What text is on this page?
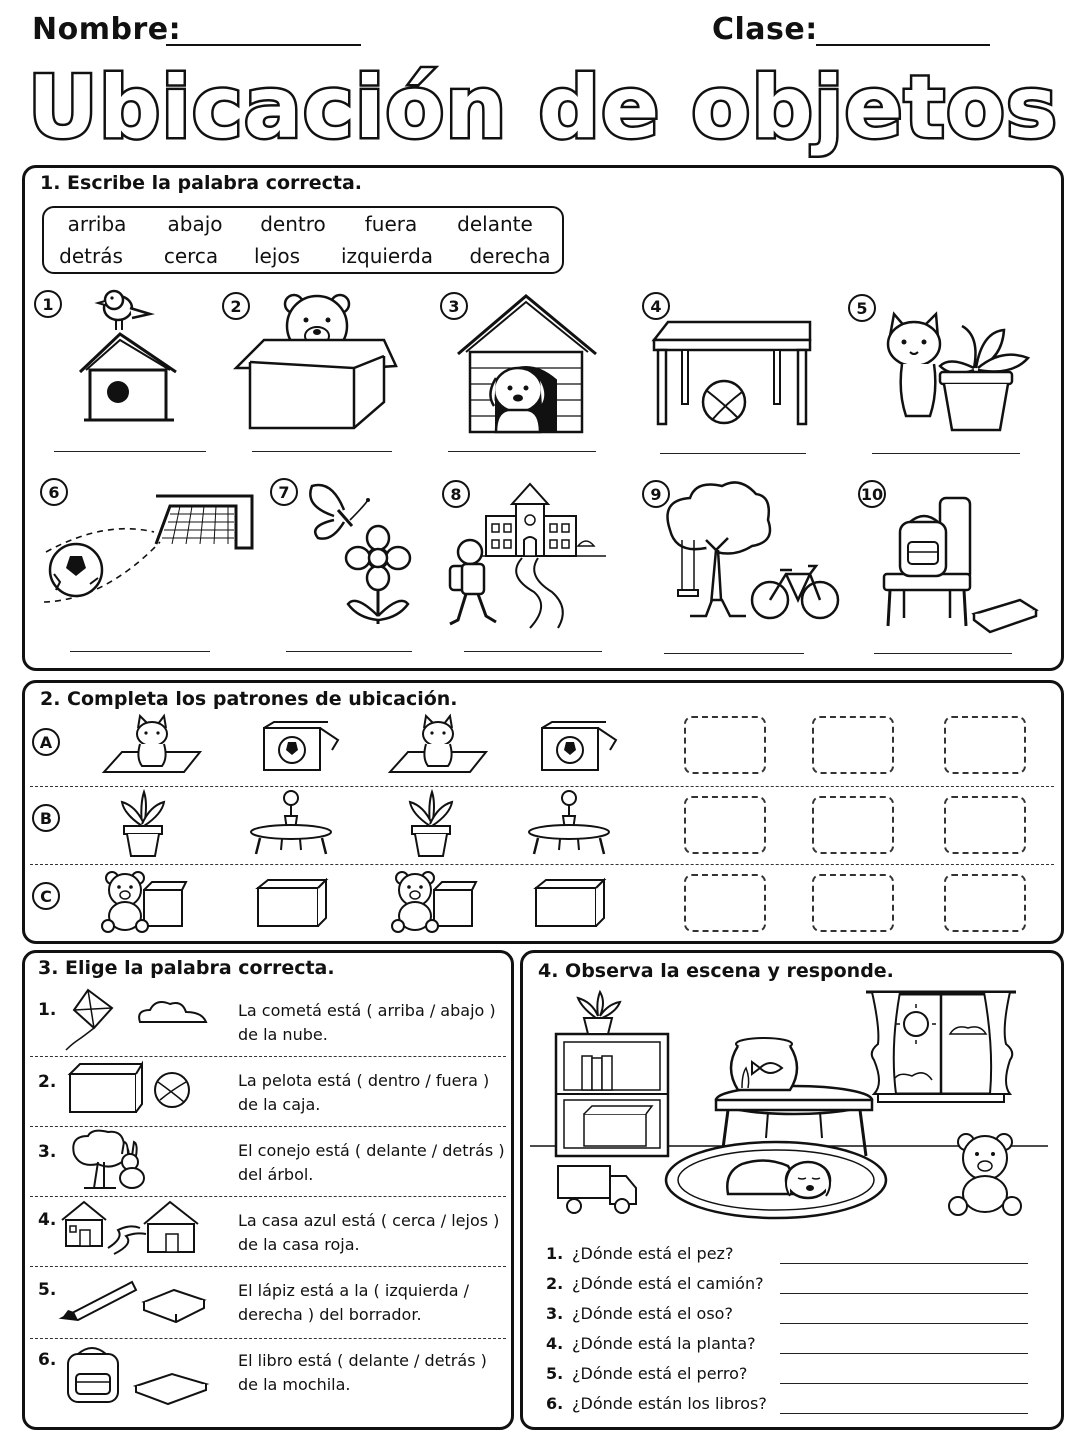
Nombre:	Clase:
Ubicación de objetos
1. Escribe la palabra correcta.
arriba	abajo	dentro	fuera	delante
detrás	cerca	lejos	izquierda	derecha
1	2	3	4	5
6	7	8	9	10
2. Completa los patrones de ubicación.
A
B
C
3. Elige la palabra correcta.
1.	La cometá está ( arriba / abajo )
de la nube.
2.	La pelota está ( dentro / fuera )
de la caja.
3.	El conejo está ( delante / detrás )
del árbol.
4.	La casa azul está ( cerca / lejos )
de la casa roja.
5.	El lápiz está a la ( izquierda /
derecha ) del borrador.
6.	El libro está ( delante / detrás )
de la mochila.
4. Observa la escena y responde.
1. ¿Dónde está el pez?
2. ¿Dónde está el camión?
3. ¿Dónde está el oso?
4. ¿Dónde está la planta?
5. ¿Dónde está el perro?
6. ¿Dónde están los libros?
